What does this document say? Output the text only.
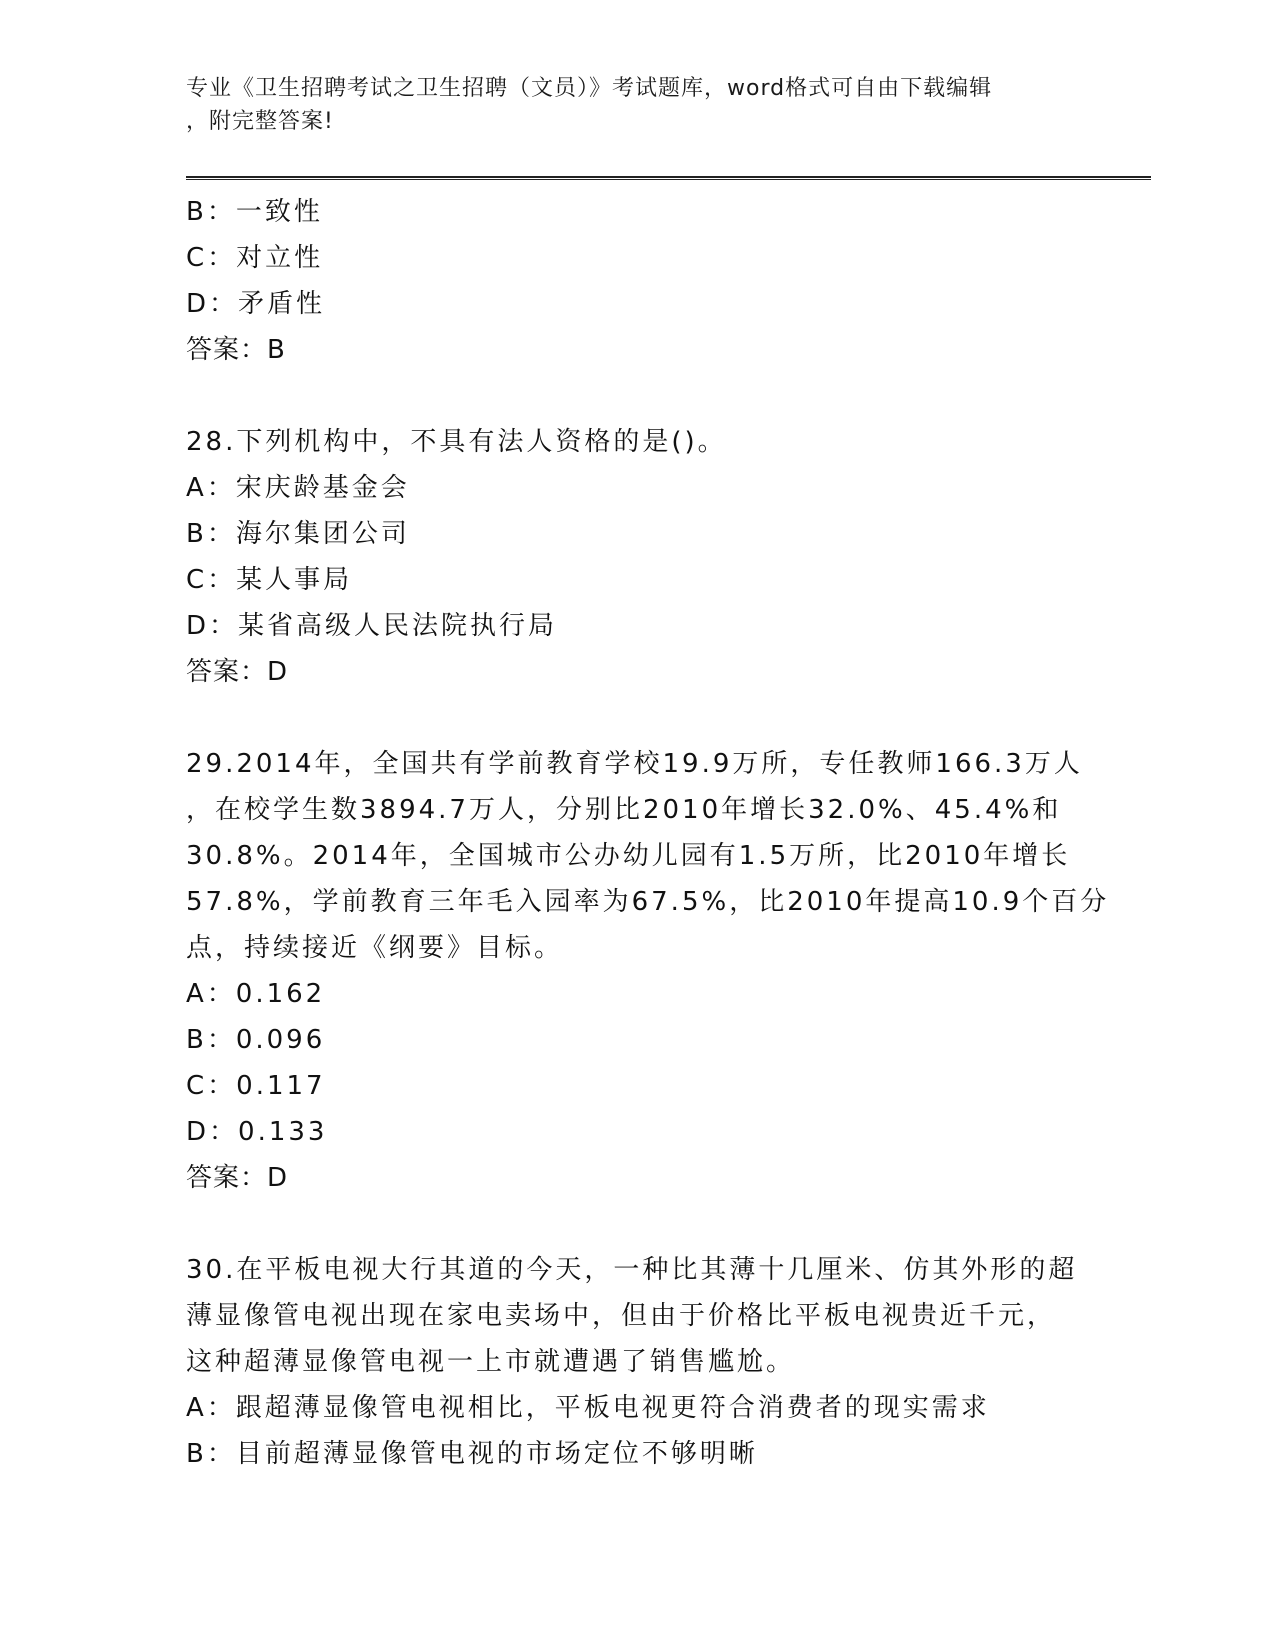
专业《卫生招聘考试之卫生招聘（文员）》考试题库，word格式可自由下载编辑
，附完整答案!
B：一致性
C：对立性
D：矛盾性
答案：B
28.下列机构中，不具有法人资格的是()。
A：宋庆龄基金会
B：海尔集团公司
C：某人事局
D：某省高级人民法院执行局
答案：D
29.2014年，全国共有学前教育学校19.9万所，专任教师166.3万人
，在校学生数3894.7万人，分别比2010年增长32.0%、45.4%和
30.8%。2014年，全国城市公办幼儿园有1.5万所，比2010年增长
57.8%，学前教育三年毛入园率为67.5%，比2010年提高10.9个百分
点，持续接近《纲要》目标。
A：0.162
B：0.096
C：0.117
D：0.133
答案：D
30.在平板电视大行其道的今天，一种比其薄十几厘米、仿其外形的超
薄显像管电视出现在家电卖场中，但由于价格比平板电视贵近千元，
这种超薄显像管电视一上市就遭遇了销售尴尬。
A：跟超薄显像管电视相比，平板电视更符合消费者的现实需求
B：目前超薄显像管电视的市场定位不够明晰
